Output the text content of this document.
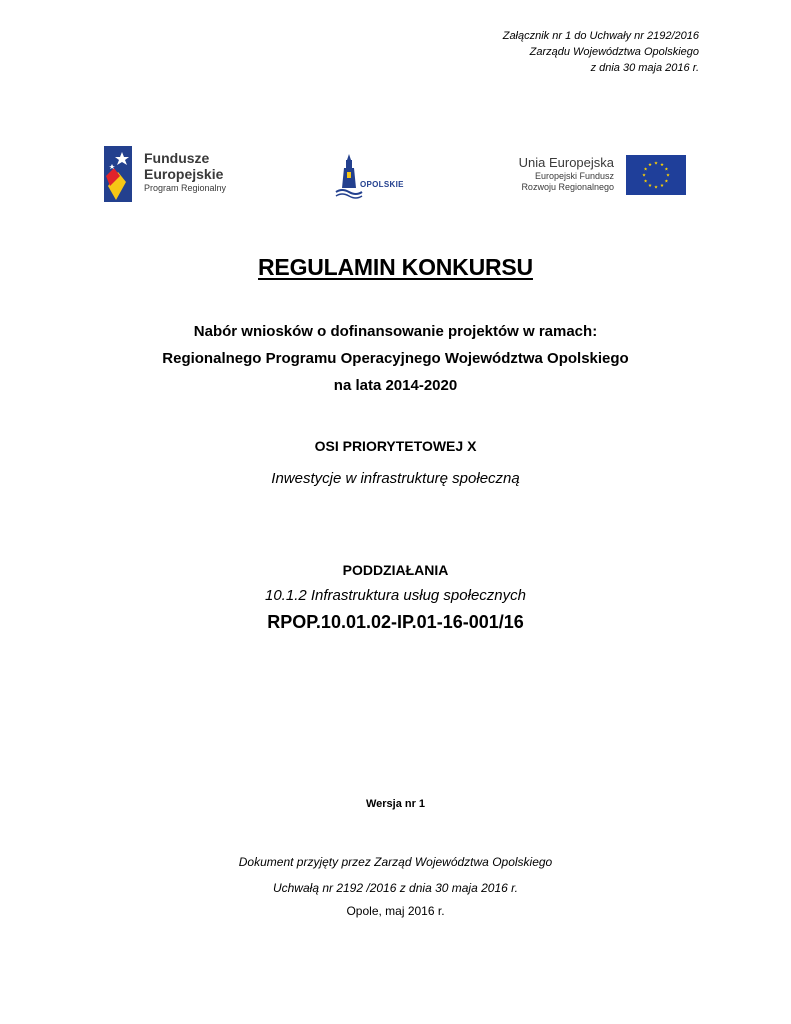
Załącznik nr 1 do Uchwały nr 2192/2016
Zarządu Województwa Opolskiego
z dnia 30 maja 2016 r.
Fundusze
Europejskie
Program Regionalny	OPOLSKIE
Unia Europejska
Europejski Fundusz
Rozwoju Regionalnego
REGULAMIN KONKURSU
Nabór wniosków o dofinansowanie projektów w ramach:
Regionalnego Programu Operacyjnego Województwa Opolskiego
na lata 2014-2020
OSI PRIORYTETOWEJ X
Inwestycje w infrastrukturę społeczną
PODDZIAŁANIA
10.1.2 Infrastruktura usług społecznych
RPOP.10.01.02-IP.01-16-001/16
Wersja nr 1
Dokument przyjęty przez Zarząd Województwa Opolskiego
Uchwałą nr 2192 /2016 z dnia 30 maja 2016 r.
Opole, maj 2016 r.
